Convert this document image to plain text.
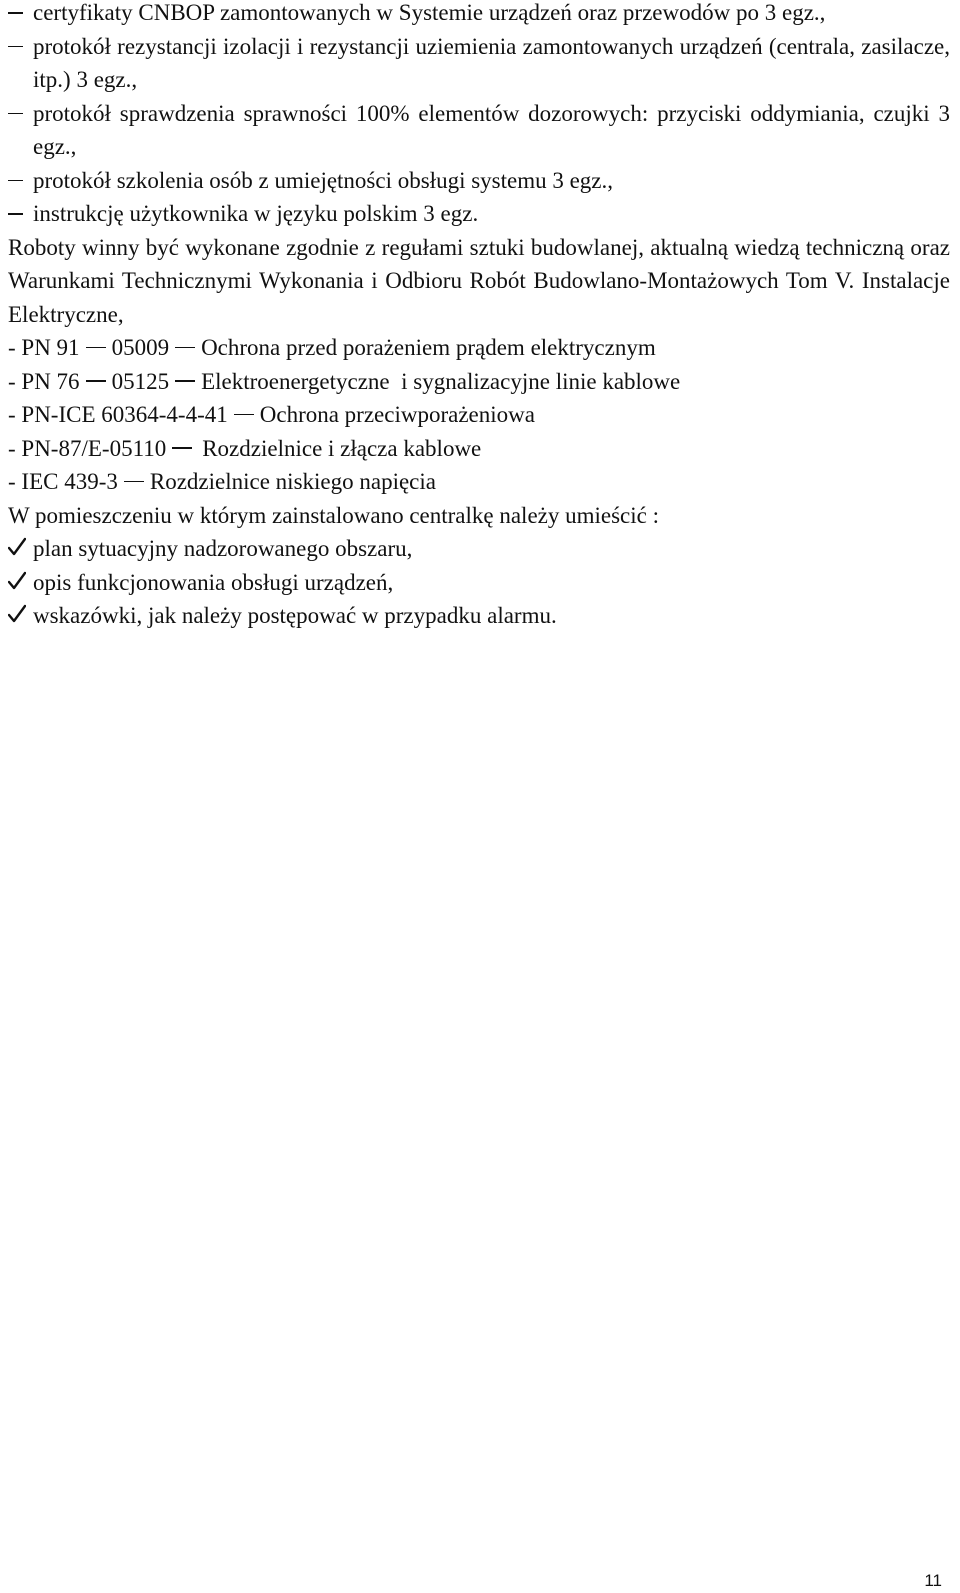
certyfikaty CNBOP zamontowanych w Systemie urządzeń oraz przewodów po 3 egz.,
protokół rezystancji izolacji i rezystancji uziemienia zamontowanych urządzeń (centrala, zasilacze, itp.) 3 egz.,
protokół sprawdzenia sprawności 100% elementów dozorowych: przyciski oddymiania, czujki 3 egz.,
protokół szkolenia osób z umiejętności obsługi systemu 3 egz.,
instrukcję użytkownika w języku polskim 3 egz.
Roboty winny być wykonane zgodnie z regułami sztuki budowlanej, aktualną wiedzą techniczną oraz Warunkami Technicznymi Wykonania i Odbioru Robót Budowlano-Montażowych Tom V. Instalacje Elektryczne,
- PN 91 05009 Ochrona przed porażeniem prądem elektrycznym
- PN 76 05125 Elektroenergetyczne  i sygnalizacyjne linie kablowe
- PN-ICE 60364-4-4-41 Ochrona przeciwporażeniowa
- PN-87/E-05110 Rozdzielnice i złącza kablowe
- IEC 439-3 Rozdzielnice niskiego napięcia
W pomieszczeniu w którym zainstalowano centralkę należy umieścić :
plan sytuacyjny nadzorowanego obszaru,
opis funkcjonowania obsługi urządzeń,
wskazówki, jak należy postępować w przypadku alarmu.
11
